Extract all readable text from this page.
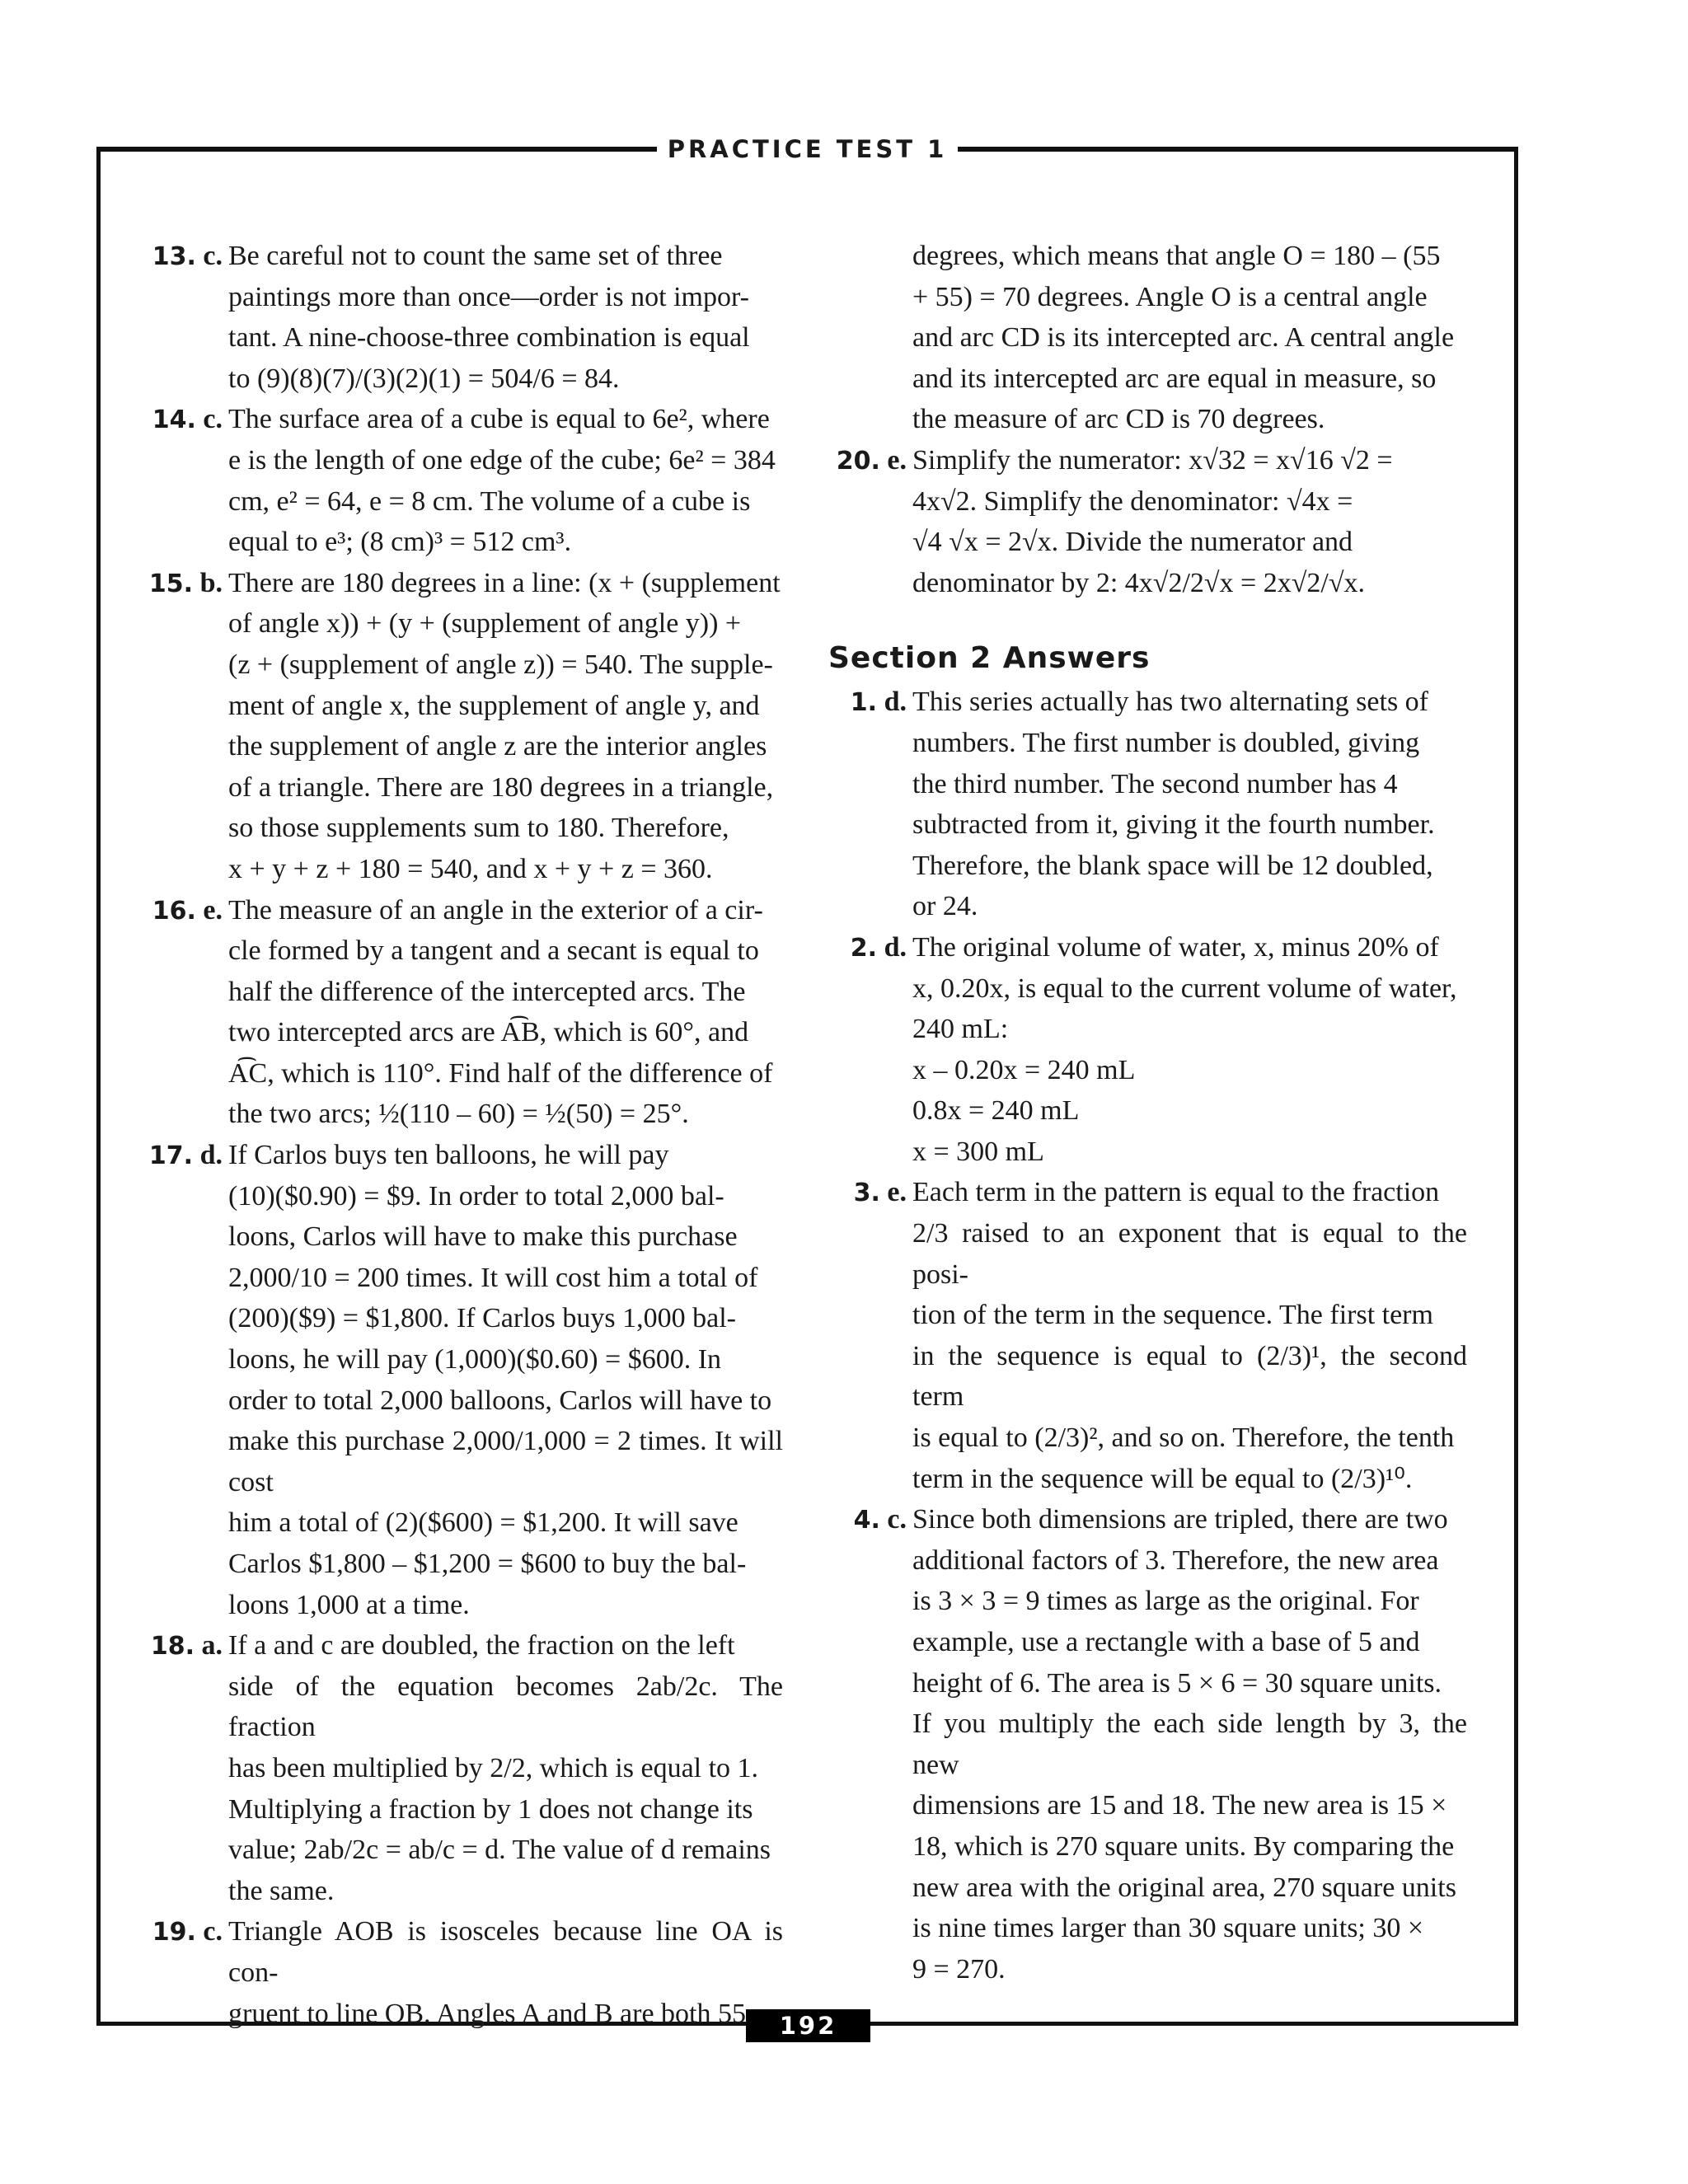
PRACTICE TEST 1
192
13. c. Be careful not to count the same set of three
paintings more than once—order is not impor-
tant. A nine-choose-three combination is equal
to (9)(8)(7)/(3)(2)(1) = 504/6 = 84.
14. c. The surface area of a cube is equal to 6e², where
e is the length of one edge of the cube; 6e² = 384
cm, e² = 64, e = 8 cm. The volume of a cube is
equal to e³; (8 cm)³ = 512 cm³.
15. b. There are 180 degrees in a line: (x + (supplement
of angle x)) + (y + (supplement of angle y)) +
(z + (supplement of angle z)) = 540. The supple-
ment of angle x, the supplement of angle y, and
the supplement of angle z are the interior angles
of a triangle. There are 180 degrees in a triangle,
so those supplements sum to 180. Therefore,
x + y + z + 180 = 540, and x + y + z = 360.
16. e. The measure of an angle in the exterior of a cir-
cle formed by a tangent and a secant is equal to
half the difference of the intercepted arcs. The
two intercepted arcs are A͡B, which is 60°, and
A͡C, which is 110°. Find half of the difference of
the two arcs; ½(110 – 60) = ½(50) = 25°.
17. d. If Carlos buys ten balloons, he will pay
(10)($0.90) = $9. In order to total 2,000 bal-
loons, Carlos will have to make this purchase
2,000/10 = 200 times. It will cost him a total of
(200)($9) = $1,800. If Carlos buys 1,000 bal-
loons, he will pay (1,000)($0.60) = $600. In
order to total 2,000 balloons, Carlos will have to
make this purchase 2,000/1,000 = 2 times. It will cost
him a total of (2)($600) = $1,200. It will save
Carlos $1,800 – $1,200 = $600 to buy the bal-
loons 1,000 at a time.
18. a. If a and c are doubled, the fraction on the left
side of the equation becomes 2ab/2c. The fraction
has been multiplied by 2/2, which is equal to 1.
Multiplying a fraction by 1 does not change its
value; 2ab/2c = ab/c = d. The value of d remains
the same.
19. c. Triangle AOB is isosceles because line OA is con-
gruent to line OB. Angles A and B are both 55
degrees, which means that angle O = 180 – (55
+ 55) = 70 degrees. Angle O is a central angle
and arc CD is its intercepted arc. A central angle
and its intercepted arc are equal in measure, so
the measure of arc CD is 70 degrees.
20. e. Simplify the numerator: x√32 = x√16 √2 =
4x√2. Simplify the denominator: √4x =
√4 √x = 2√x. Divide the numerator and
denominator by 2: 4x√2/2√x = 2x√2/√x.
Section 2 Answers
1. d. This series actually has two alternating sets of
numbers. The first number is doubled, giving
the third number. The second number has 4
subtracted from it, giving it the fourth number.
Therefore, the blank space will be 12 doubled,
or 24.
2. d. The original volume of water, x, minus 20% of
x, 0.20x, is equal to the current volume of water,
240 mL:
x – 0.20x = 240 mL
0.8x = 240 mL
x = 300 mL
3. e. Each term in the pattern is equal to the fraction
2/3 raised to an exponent that is equal to the posi-
tion of the term in the sequence. The first term
in the sequence is equal to (2/3)¹, the second term
is equal to (2/3)², and so on. Therefore, the tenth
term in the sequence will be equal to (2/3)¹⁰.
4. c. Since both dimensions are tripled, there are two
additional factors of 3. Therefore, the new area
is 3 × 3 = 9 times as large as the original. For
example, use a rectangle with a base of 5 and
height of 6. The area is 5 × 6 = 30 square units.
If you multiply the each side length by 3, the new
dimensions are 15 and 18. The new area is 15 ×
18, which is 270 square units. By comparing the
new area with the original area, 270 square units
is nine times larger than 30 square units; 30 ×
9 = 270.
